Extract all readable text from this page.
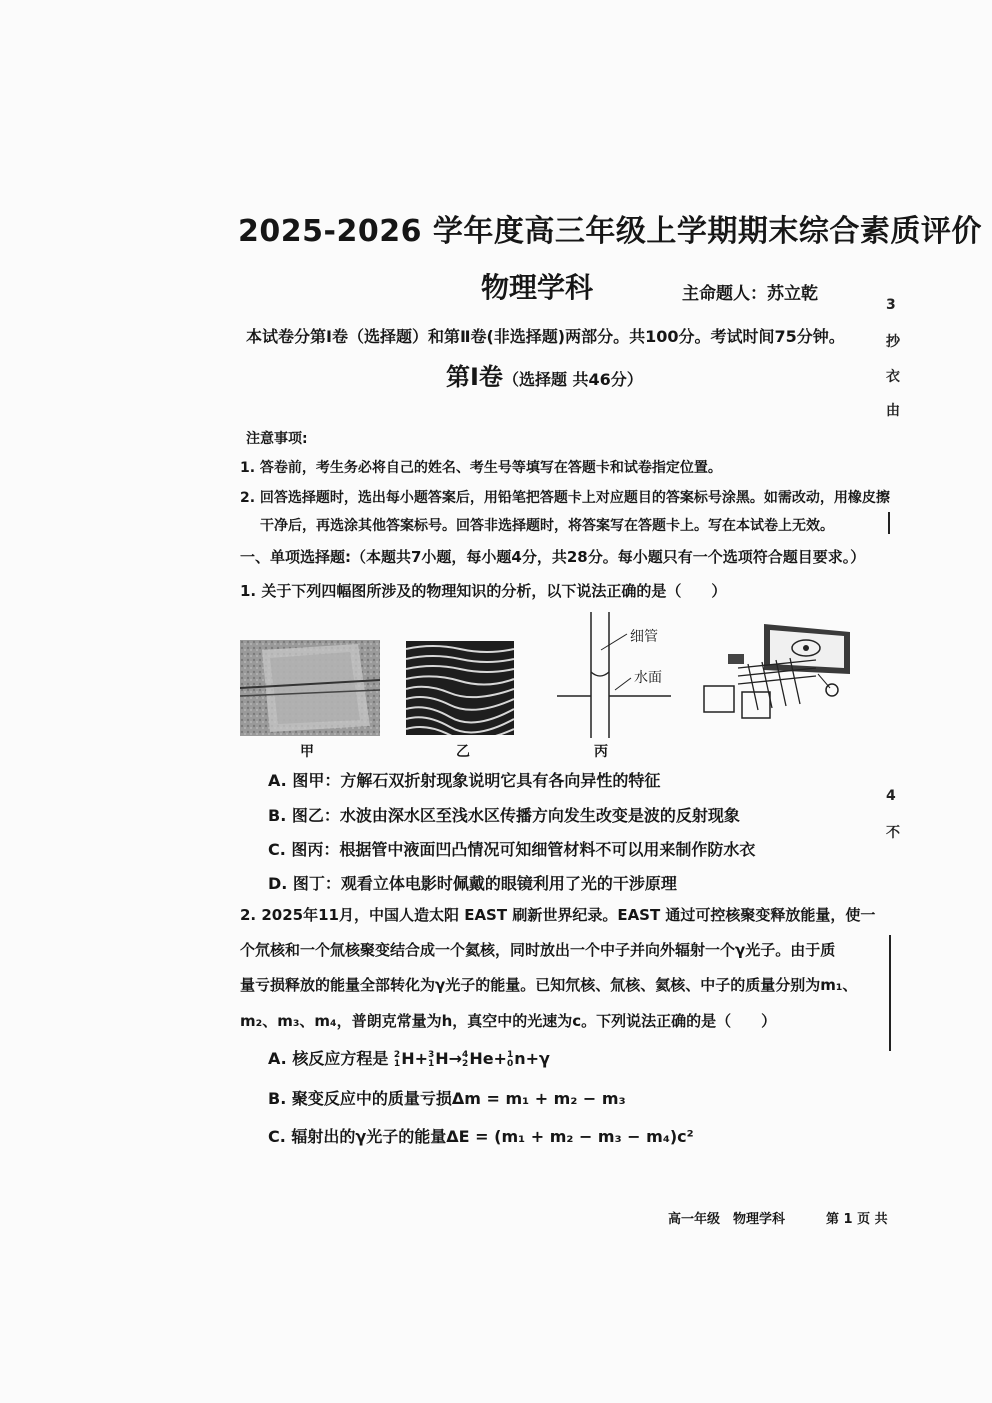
2025-2026 学年度高三年级上学期期末综合素质评价
物理学科	主命题人：苏立乾
本试卷分第Ⅰ卷（选择题）和第Ⅱ卷(非选择题)两部分。共100分。考试时间75分钟。
第Ⅰ卷（选择题 共46分）
注意事项:
1. 答卷前，考生务必将自己的姓名、考生号等填写在答题卡和试卷指定位置。
2. 回答选择题时，选出每小题答案后，用铅笔把答题卡上对应题目的答案标号涂黑。如需改动，用橡皮擦
干净后，再选涂其他答案标号。回答非选择题时，将答案写在答题卡上。写在本试卷上无效。
一、单项选择题:（本题共7小题，每小题4分，共28分。每小题只有一个选项符合题目要求。）
1. 关于下列四幅图所涉及的物理知识的分析，以下说法正确的是（　　）
甲	乙
细管
水面
丙
A. 图甲：方解石双折射现象说明它具有各向异性的特征
B. 图乙：水波由深水区至浅水区传播方向发生改变是波的反射现象
C. 图丙：根据管中液面凹凸情况可知细管材料不可以用来制作防水衣
D. 图丁：观看立体电影时佩戴的眼镜利用了光的干涉原理
2. 2025年11月，中国人造太阳 EAST 刷新世界纪录。EAST 通过可控核聚变释放能量，使一
个氘核和一个氚核聚变结合成一个氦核，同时放出一个中子并向外辐射一个γ光子。由于质
量亏损释放的能量全部转化为γ光子的能量。已知氘核、氚核、氦核、中子的质量分别为m₁、
m₂、m₃、m₄，普朗克常量为h，真空中的光速为c。下列说法正确的是（　　）
A. 核反应方程是 2
1 H+ 3
1 H→ 4
2 He+ 1
0 n+γ
B. 聚变反应中的质量亏损Δm = m₁ + m₂ − m₃
C. 辐射出的γ光子的能量ΔE = (m₁ + m₂ − m₃ − m₄)c²
高一年级　物理学科	第 1 页 共
3
抄
衣
由
4
不
